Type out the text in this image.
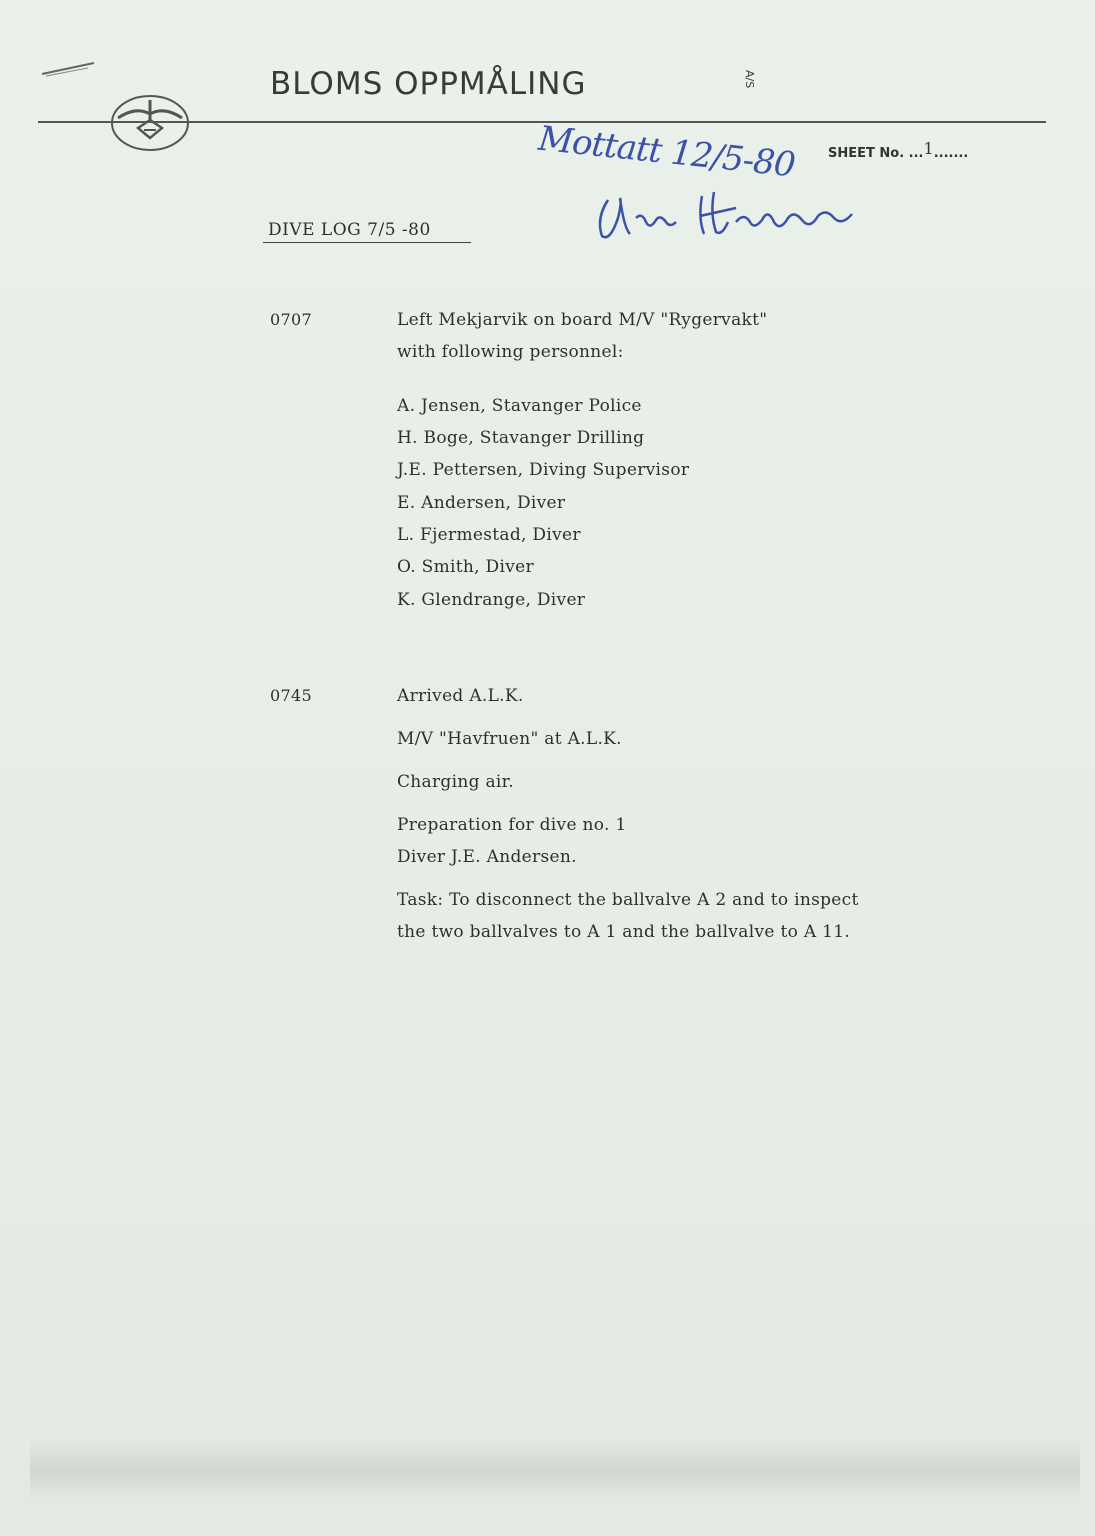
BLOMS OPPMÅLING	A/S
SHEET No. ...1.......
Mottatt 12/5-80
DIVE LOG 7/5 -80
0707	Left Mekjarvik on board M/V "Rygervakt"
with following personnel:
A. Jensen, Stavanger Police
H. Boge, Stavanger Drilling
J.E. Pettersen, Diving Supervisor
E. Andersen, Diver
L. Fjermestad, Diver
O. Smith, Diver
K. Glendrange, Diver
0745	Arrived A.L.K.
M/V "Havfruen" at A.L.K.
Charging air.
Preparation for dive no. 1
Diver J.E. Andersen.
Task: To disconnect the ballvalve A 2 and to inspect
the two ballvalves to A 1 and the ballvalve to A 11.
